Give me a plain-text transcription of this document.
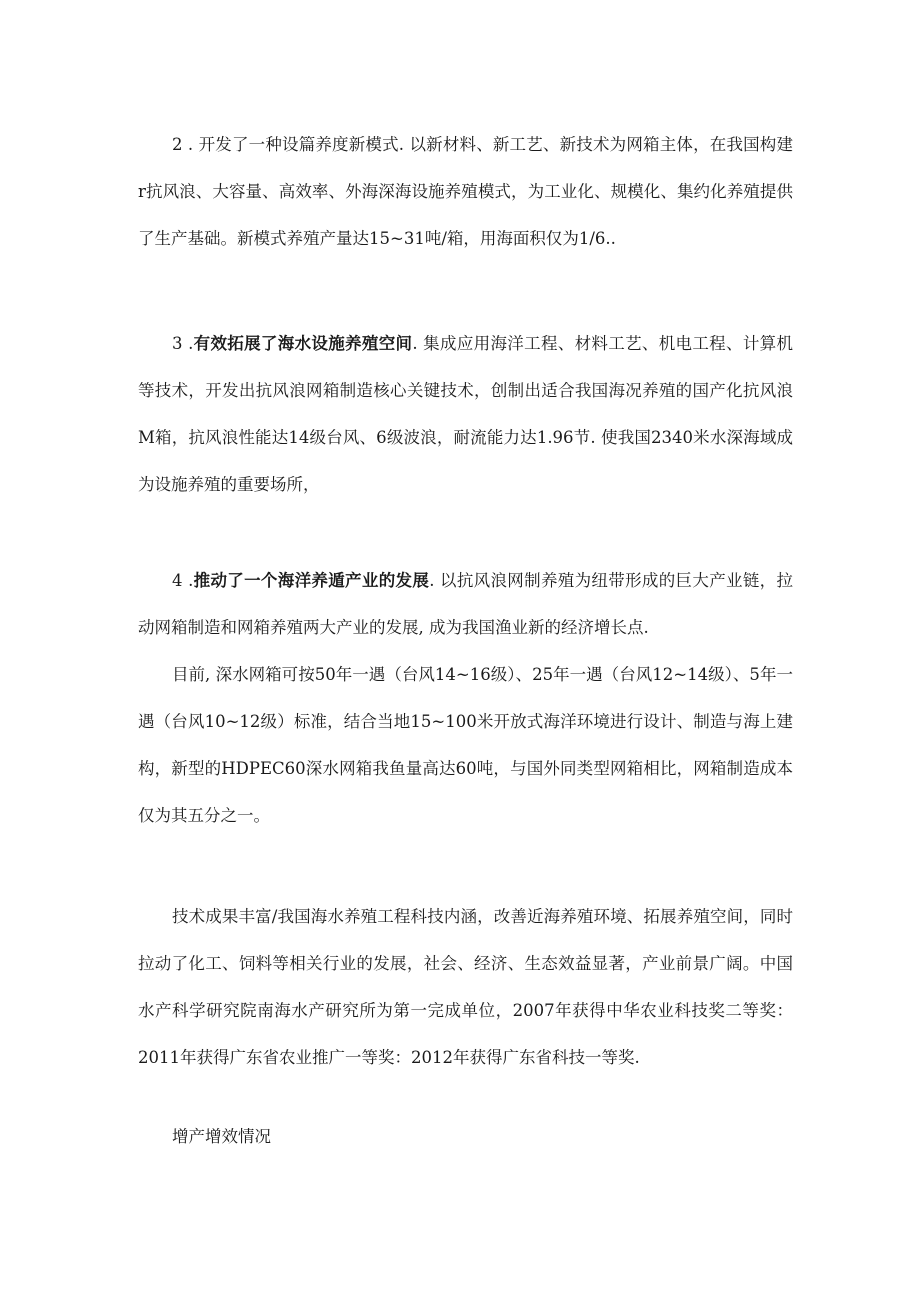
2 . 开发了一种设篇养度新模式. 以新材料、新工艺、新技术为网箱主体，在我国构建r抗风浪、大容量、高效率、外海深海设施养殖模式，为工业化、规模化、集约化养殖提供了生产基础。新模式养殖产量达15~31吨/箱，用海面积仅为1/6..

3 .有效拓展了海水设施养殖空间. 集成应用海洋工程、材料工艺、机电工程、计算机等技术，开发出抗风浪网箱制造核心关键技术，创制出适合我国海况养殖的国产化抗风浪M箱，抗风浪性能达14级台风、6级波浪，耐流能力达1.96节. 使我国2340米水深海域成为设施养殖的重要场所，

4 .推动了一个海洋养遁产业的发展. 以抗风浪网制养殖为纽带形成的巨大产业链，拉动网箱制造和网箱养殖两大产业的发展, 成为我国渔业新的经济增长点.

目前, 深水网箱可按50年一遇（台风14~16级）、25年一遇（台风12~14级）、5年一遇（台风10~12级）标准，结合当地15~100米开放式海洋环境进行设计、制造与海上建构，新型的HDPEC60深水网箱我鱼量高达60吨，与国外同类型网箱相比，网箱制造成本仅为其五分之一。

技术成果丰富/我国海水养殖工程科技内涵，改善近海养殖环境、拓展养殖空间，同时拉动了化工、饲料等相关行业的发展，社会、经济、生态效益显著，产业前景广阔。中国水产科学研究院南海水产研究所为第一完成单位，2007年获得中华农业科技奖二等奖：2011年获得广东省农业推广一等奖：2012年获得广东省科技一等奖.

增产增效情况
